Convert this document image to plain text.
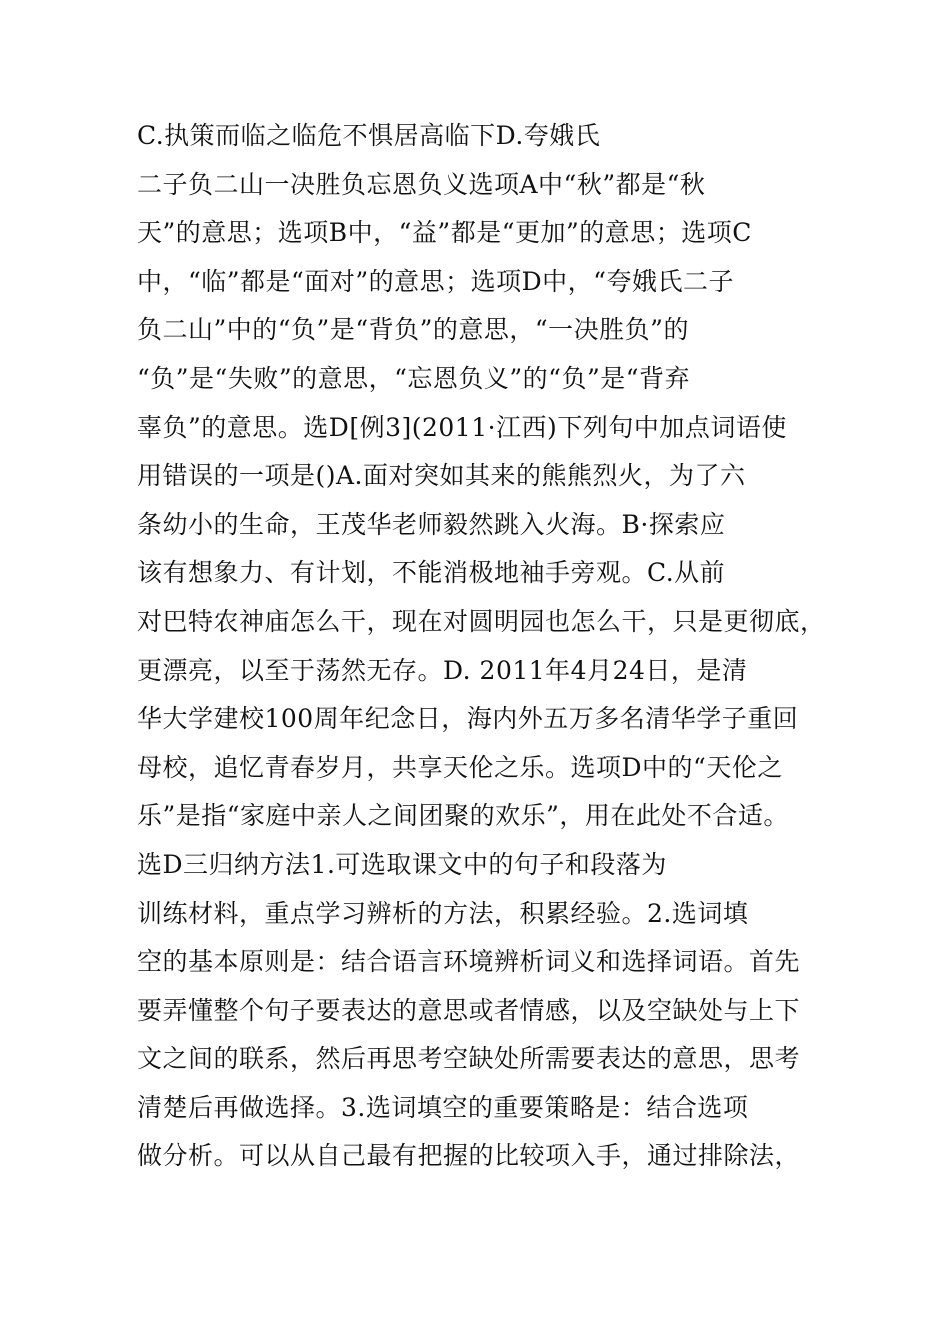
C.执策而临之临危不惧居高临下D.夸娥氏
二子负二山一决胜负忘恩负义选项A中“秋”都是“秋
天”的意思；选项B中，“益”都是“更加”的意思；选项C
中，“临”都是“面对”的意思；选项D中，“夸娥氏二子
负二山”中的“负”是“背负”的意思，“一决胜负”的
“负”是“失败”的意思，“忘恩负义”的“负”是“背弃
辜负”的意思。选D[例3](2011·江西)下列句中加点词语使
用错误的一项是()A.面对突如其来的熊熊烈火，为了六
条幼小的生命，王茂华老师毅然跳入火海。B·探索应
该有想象力、有计划，不能消极地袖手旁观。C.从前
对巴特农神庙怎么干，现在对圆明园也怎么干，只是更彻底，
更漂亮，以至于荡然无存。D. 2011年4月24日，是清
华大学建校100周年纪念日，海内外五万多名清华学子重回
母校，追忆青春岁月，共享天伦之乐。选项D中的“天伦之
乐”是指“家庭中亲人之间团聚的欢乐”，用在此处不合适。
选D三归纳方法1.可选取课文中的句子和段落为
训练材料，重点学习辨析的方法，积累经验。2.选词填
空的基本原则是：结合语言环境辨析词义和选择词语。首先
要弄懂整个句子要表达的意思或者情感，以及空缺处与上下
文之间的联系，然后再思考空缺处所需要表达的意思，思考
清楚后再做选择。3.选词填空的重要策略是：结合选项
做分析。可以从自己最有把握的比较项入手，通过排除法，
